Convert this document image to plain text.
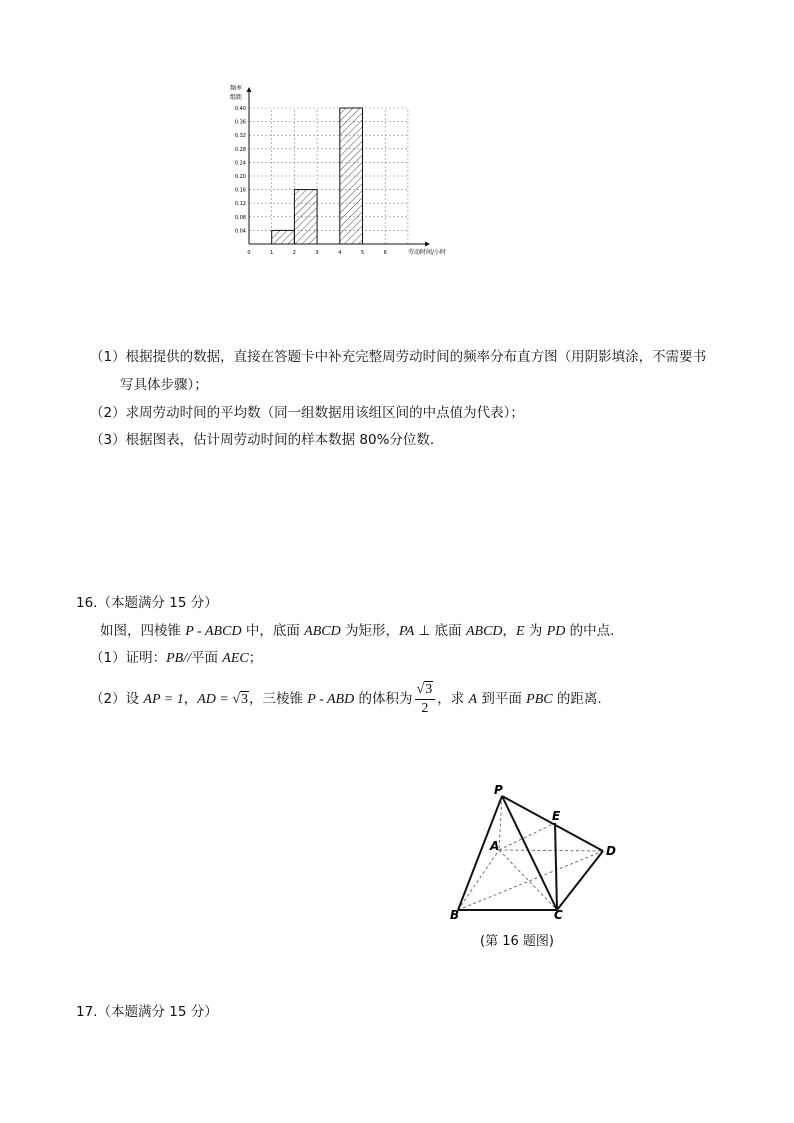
0.04
0.08
0.12
0.16
0.20
0.24
0.28
0.32
0.36
0.40
0	1	2	3	4	5	6
频率
组距
劳动时间/小时
（1）根据提供的数据，直接在答题卡中补充完整周劳动时间的频率分布直方图（用阴影填涂，不需要书
写具体步骤）；
（2）求周劳动时间的平均数（同一组数据用该组区间的中点值为代表）；
（3）根据图表，估计周劳动时间的样本数据 80%分位数.
16.（本题满分 15 分）
如图，四棱锥 P - ABCD 中，底面 ABCD 为矩形，PA ⊥ 底面 ABCD，E 为 PD 的中点.
（1）证明：PB//平面 AEC；
（2）设 AP = 1，AD = √3，三棱锥 P - ABD 的体积为 $\frac{√3}{2}$ ，求 A 到平面 PBC 的距离.
P
E
A	D
B	C
(第 16 题图)
17.（本题满分 15 分）
